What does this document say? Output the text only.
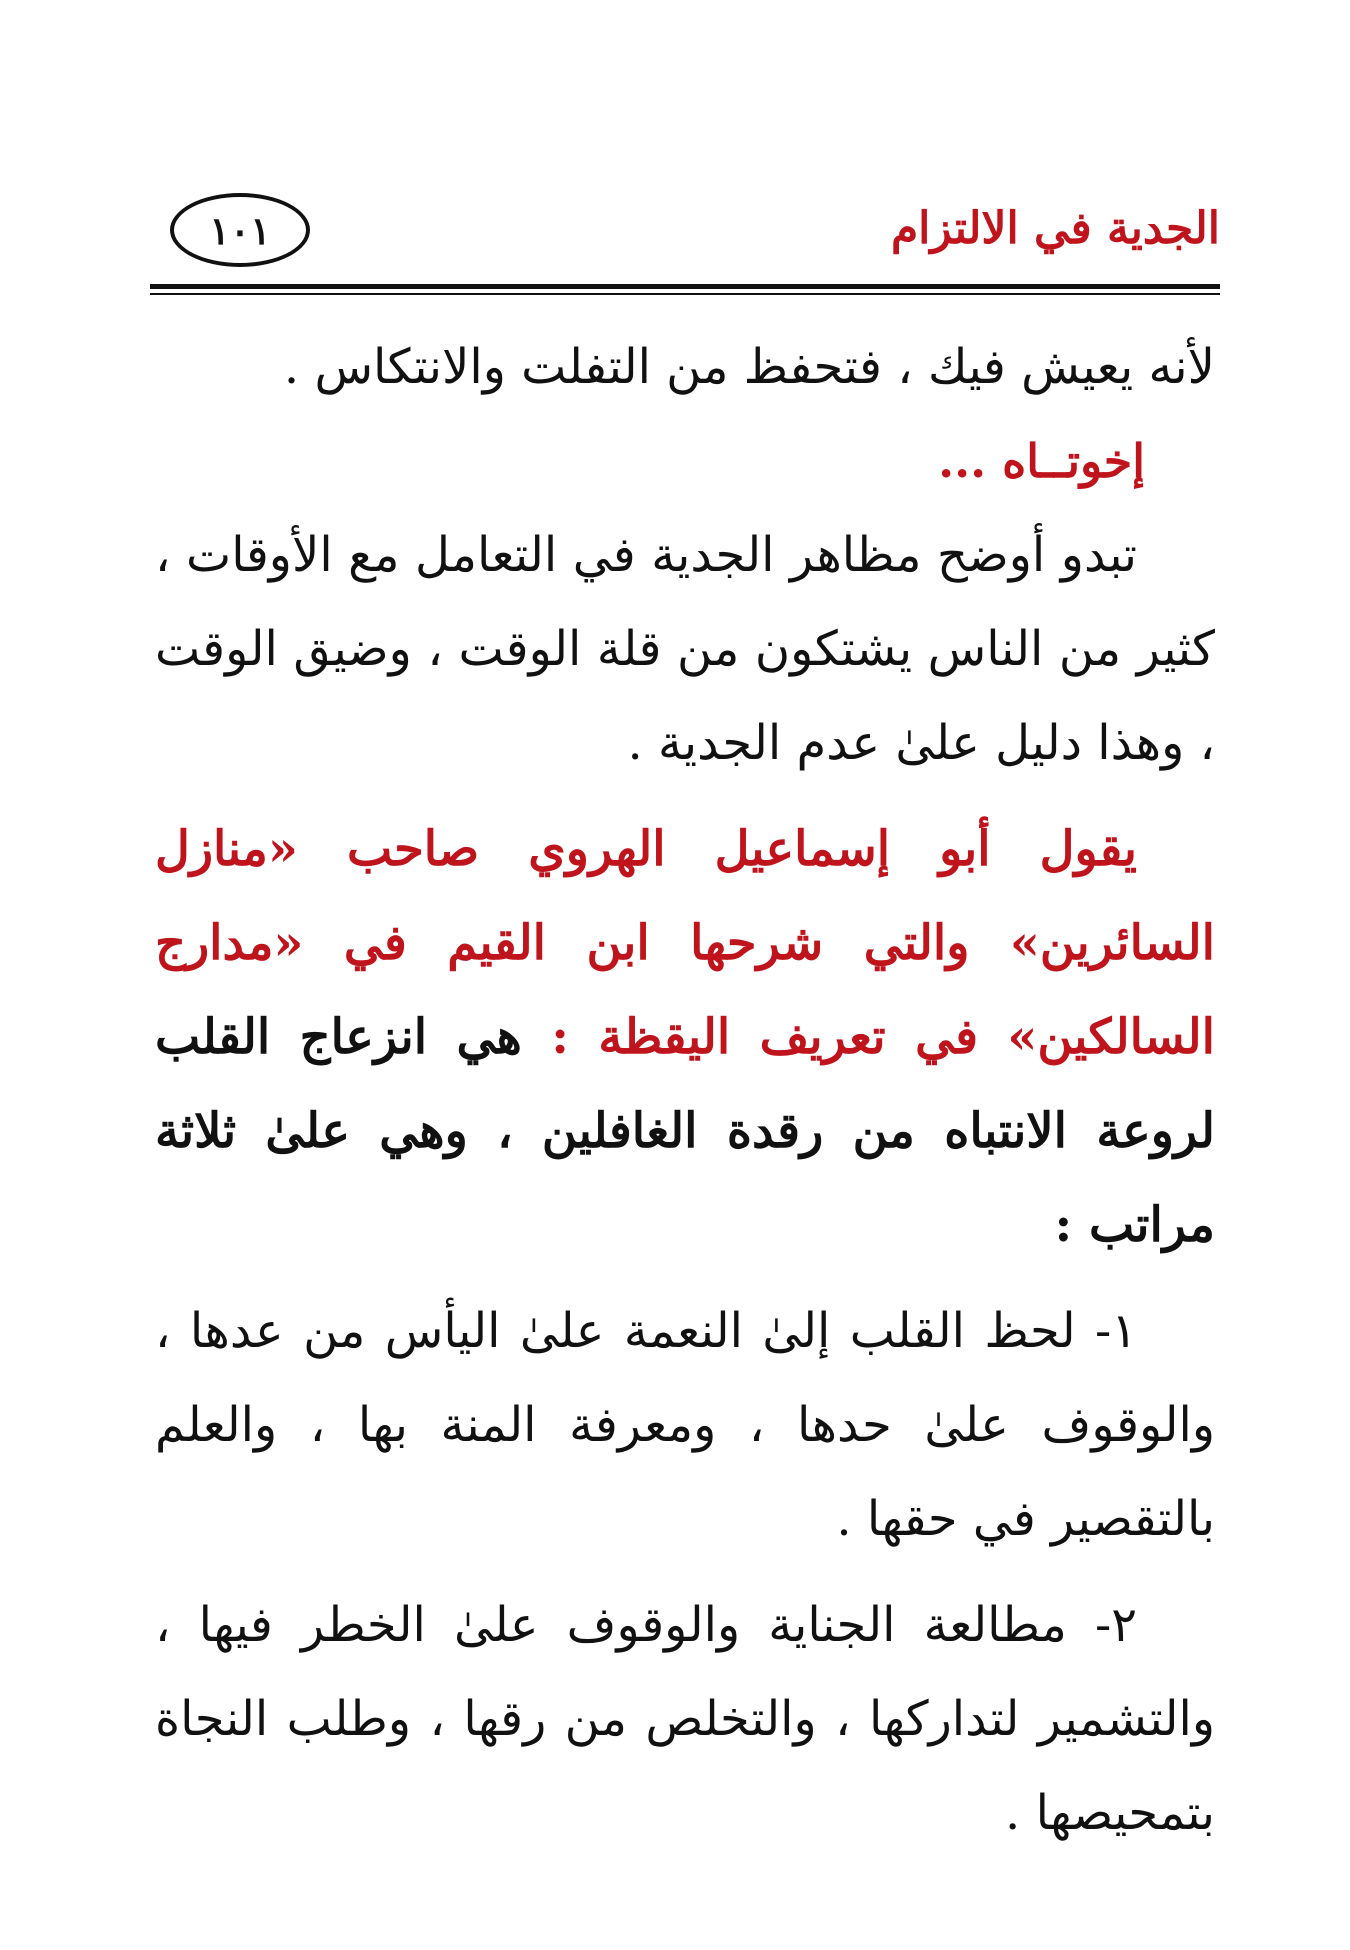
الجدية في الالتزام
١٠١

لأنه يعيش فيك ، فتحفظ من التفلت والانتكاس .

إخوتــاه ...

تبدو أوضح مظاهر الجدية في التعامل مع الأوقات ، كثير من الناس يشتكون من قلة الوقت ، وضيق الوقت ، وهذا دليل علىٰ عدم الجدية .

يقول أبو إسماعيل الهروي صاحب «منازل السائرين» والتي شرحها ابن القيم في «مدارج السالكين» في تعريف اليقظة : هي انزعاج القلب لروعة الانتباه من رقدة الغافلين ، وهي علىٰ ثلاثة مراتب :

١- لحظ القلب إلىٰ النعمة علىٰ اليأس من عدها ، والوقوف علىٰ حدها ، ومعرفة المنة بها ، والعلم بالتقصير في حقها .

٢- مطالعة الجناية والوقوف علىٰ الخطر فيها ، والتشمير لتداركها ، والتخلص من رقها ، وطلب النجاة بتمحيصها .
